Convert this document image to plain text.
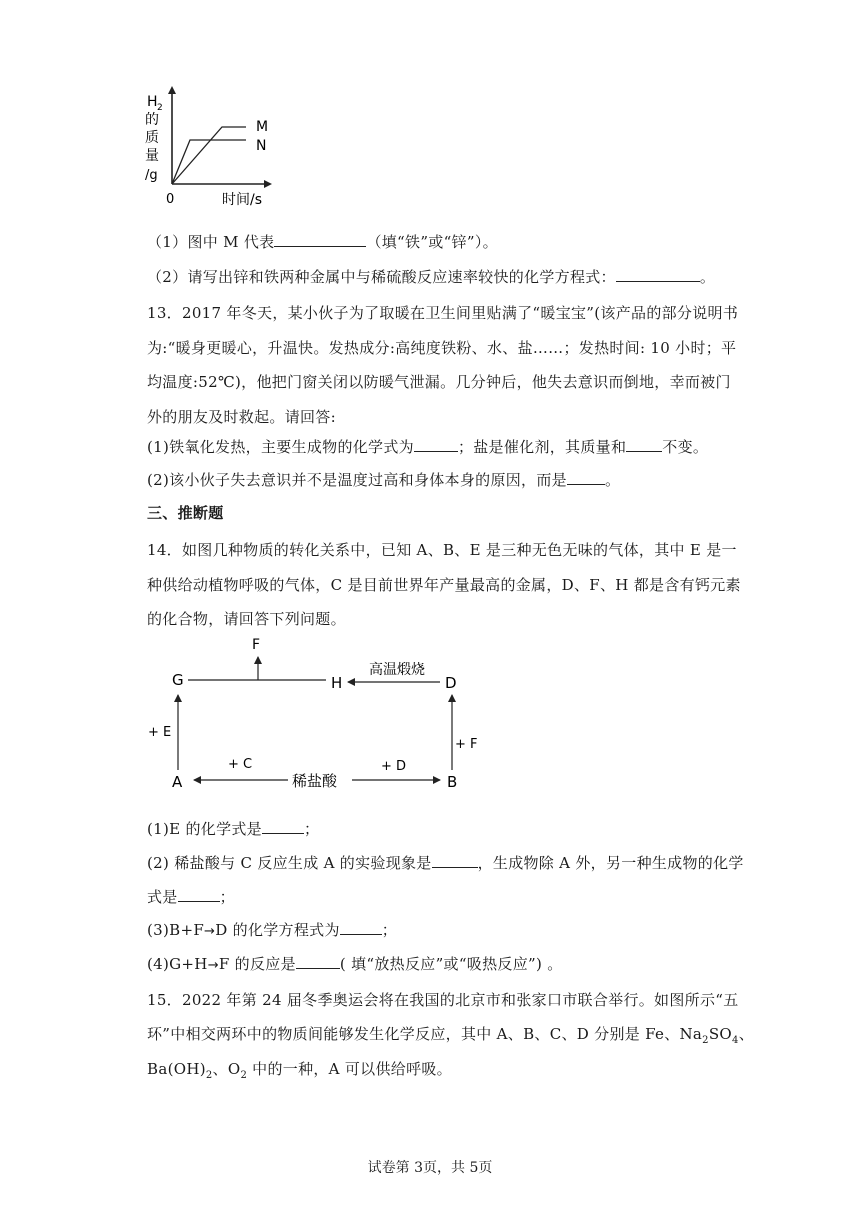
H 2
的
质
量
/g
M
N
0	时间/s
（1）图中 M 代表	（填“铁”或“锌”）。
（2）请写出锌和铁两种金属中与稀硫酸反应速率较快的化学方程式：	。
13．2017 年冬天，某小伙子为了取暖在卫生间里贴满了“暖宝宝”(该产品的部分说明书
为:“暖身更暖心，升温快。发热成分:高纯度铁粉、水、盐……；发热时间: 10 小时；平
均温度:52℃)，他把门窗关闭以防暖气泄漏。几分钟后，他失去意识而倒地，幸而被门
外的朋友及时救起。请回答:
(1)铁氧化发热，主要生成物的化学式为	；盐是催化剂，其质量和 不变。
(2)该小伙子失去意识并不是温度过高和身体本身的原因，而是	。
三、推断题
14．如图几种物质的转化关系中，已知 A、B、E 是三种无色无味的气体，其中 E 是一
种供给动植物呼吸的气体，C 是目前世界年产量最高的金属，D、F、H 都是含有钙元素
的化合物，请回答下列问题。
F
G	H	D
A	B
高温煅烧
+ E
+ F
+ C	+ D
稀盐酸
(1)E 的化学式是	；
(2) 稀盐酸与 C 反应生成 A 的实验现象是	，生成物除 A 外，另一种生成物的化学
式是	；
(3)B+F→D 的化学方程式为	；
(4)G+H→F 的反应是	( 填“放热反应”或“吸热反应”) 。
15．2022 年第 24 届冬季奥运会将在我国的北京市和张家口市联合举行。如图所示“五
环”中相交两环中的物质间能够发生化学反应，其中 A、B、C、D 分别是 Fe、$Na_2SO_4$、
$Ba(OH)_2$、$O_2$ 中的一种，A 可以供给呼吸。
试卷第 3页，共 5页
